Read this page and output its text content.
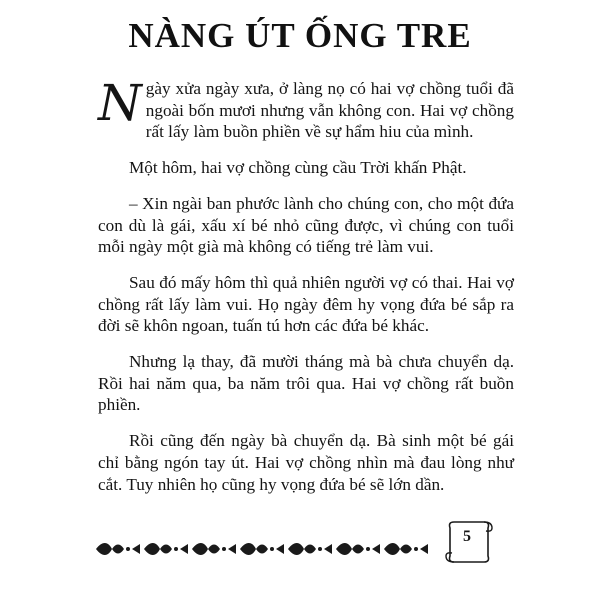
NÀNG ÚT ỐNG TRE

Ngày xửa ngày xưa, ở làng nọ có hai vợ chồng tuổi đã ngoài bốn mươi nhưng vẫn không con. Hai vợ chồng rất lấy làm buồn phiền về sự hẩm hiu của mình.

Một hôm, hai vợ chồng cùng cầu Trời khấn Phật.

– Xin ngài ban phước lành cho chúng con, cho một đứa con dù là gái, xấu xí bé nhỏ cũng được, vì chúng con tuổi mỗi ngày một già mà không có tiếng trẻ làm vui.

Sau đó mấy hôm thì quả nhiên người vợ có thai. Hai vợ chồng rất lấy làm vui. Họ ngày đêm hy vọng đứa bé sắp ra đời sẽ khôn ngoan, tuấn tú hơn các đứa bé khác.

Nhưng lạ thay, đã mười tháng mà bà chưa chuyển dạ. Rồi hai năm qua, ba năm trôi qua. Hai vợ chồng rất buồn phiền.

Rồi cũng đến ngày bà chuyển dạ. Bà sinh một bé gái chỉ bằng ngón tay út. Hai vợ chồng nhìn mà đau lòng như cắt. Tuy nhiên họ cũng hy vọng đứa bé sẽ lớn dần.

5
